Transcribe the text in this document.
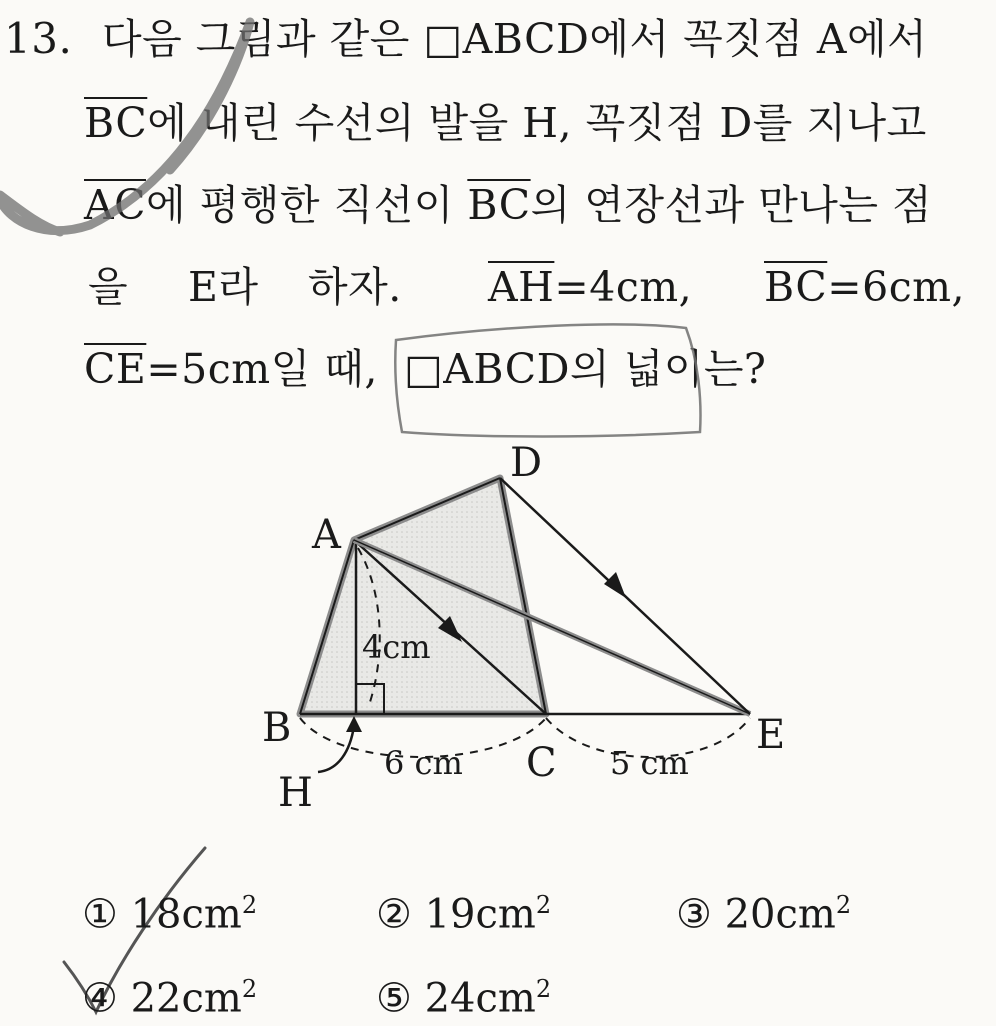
13. 다음 그림과 같은 □ABCD에서 꼭짓점 A에서
$\overline{BC}$에 내린 수선의 발을 H, 꼭짓점 D를 지나고
$\overline{AC}$에 평행한 직선이 $\overline{BC}$의 연장선과 만나는 점
을 E라 하자. $\overline{AH}=4cm$, $\overline{BC}=6cm$,
$\overline{CE}=5cm$일 때, □ABCD의 넓이는?
D
A
B
C
E
H
4cm
6 cm	5 cm
① $18cm^2$	② $19cm^2$	③ $20cm^2$
④ $22cm^2$	⑤ $24cm^2$
